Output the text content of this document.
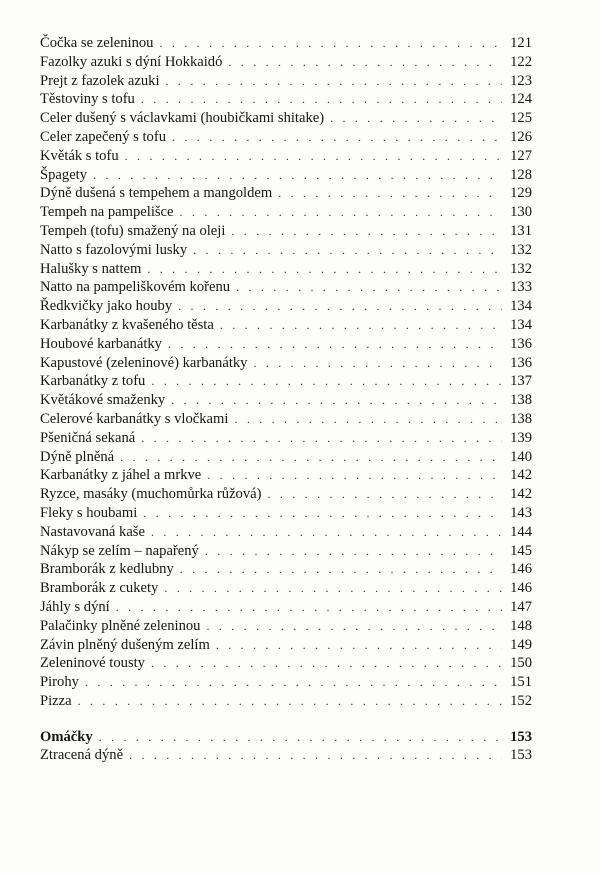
Čočka se zeleninou . . .	121
Fazolky azuki s dýní Hokkaidó . . .	122
Prejt z fazolek azuki . . .	123
Těstoviny s tofu . . .	124
Celer dušený s václavkami (houbičkami shitake) . . .	125
Celer zapečený s tofu . . .	126
Květák s tofu . . .	127
Špagety . . .	128
Dýně dušená s tempehem a mangoldem . . .	129
Tempeh na pampelišce . . .	130
Tempeh (tofu) smažený na oleji . . .	131
Natto s fazolovými lusky . . .	132
Halušky s nattem . . .	132
Natto na pampeliškovém kořenu . . .	133
Ředkvičky jako houby . . .	134
Karbanátky z kvašeného těsta . . .	134
Houbové karbanátky . . .	136
Kapustové (zeleninové) karbanátky . . .	136
Karbanátky z tofu . . .	137
Květákové smaženky . . .	138
Celerové karbanátky s vločkami . . .	138
Pšeničná sekaná . . .	139
Dýně plněná . . .	140
Karbanátky z jáhel a mrkve . . .	142
Ryzce, masáky (muchomůrka růžová) . . .	142
Fleky s houbami . . .	143
Nastavovaná kaše . . .	144
Nákyp se zelím – napařený . . .	145
Bramborák z kedlubny . . .	146
Bramborák z cukety . . .	146
Jáhly s dýní . . .	147
Palačinky plněné zeleninou . . .	148
Závin plněný dušeným zelím . . .	149
Zeleninové tousty . . .	150
Pirohy . . .	151
Pizza . . .	152
Omáčky . . .	153
Ztracená dýně . . .	153
